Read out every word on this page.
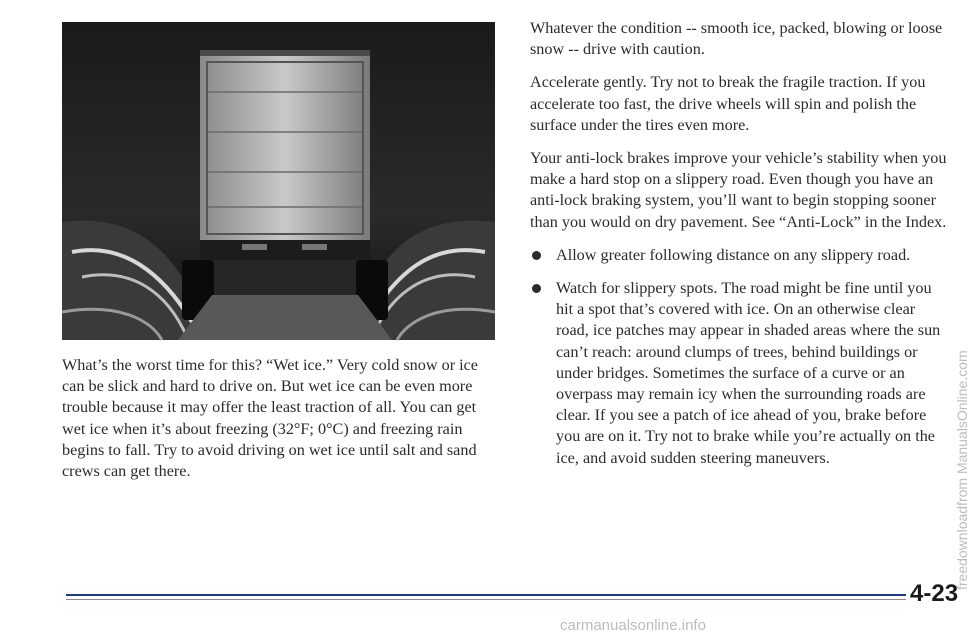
What’s the worst time for this? “Wet ice.” Very cold snow or ice can be slick and hard to drive on. But wet ice can be even more trouble because it may offer the least traction of all. You can get wet ice when it’s about freezing (32°F; 0°C) and freezing rain begins to fall. Try to avoid driving on wet ice until salt and sand crews can get there.

Whatever the condition -- smooth ice, packed, blowing or loose snow -- drive with caution.

Accelerate gently. Try not to break the fragile traction. If you accelerate too fast, the drive wheels will spin and polish the surface under the tires even more.

Your anti-lock brakes improve your vehicle’s stability when you make a hard stop on a slippery road. Even though you have an anti-lock braking system, you’ll want to begin stopping sooner than you would on dry pavement. See “Anti-Lock” in the Index.

Allow greater following distance on any slippery road.
Watch for slippery spots. The road might be fine until you hit a spot that’s covered with ice. On an otherwise clear road, ice patches may appear in shaded areas where the sun can’t reach: around clumps of trees, behind buildings or under bridges. Sometimes the surface of a curve or an overpass may remain icy when the surrounding roads are clear. If you see a patch of ice ahead of you, brake before you are on it. Try not to brake while you’re actually on the ice, and avoid sudden steering maneuvers.
4-23
freedownloadfrom ManualsOnline.com
carmanualsonline.info
